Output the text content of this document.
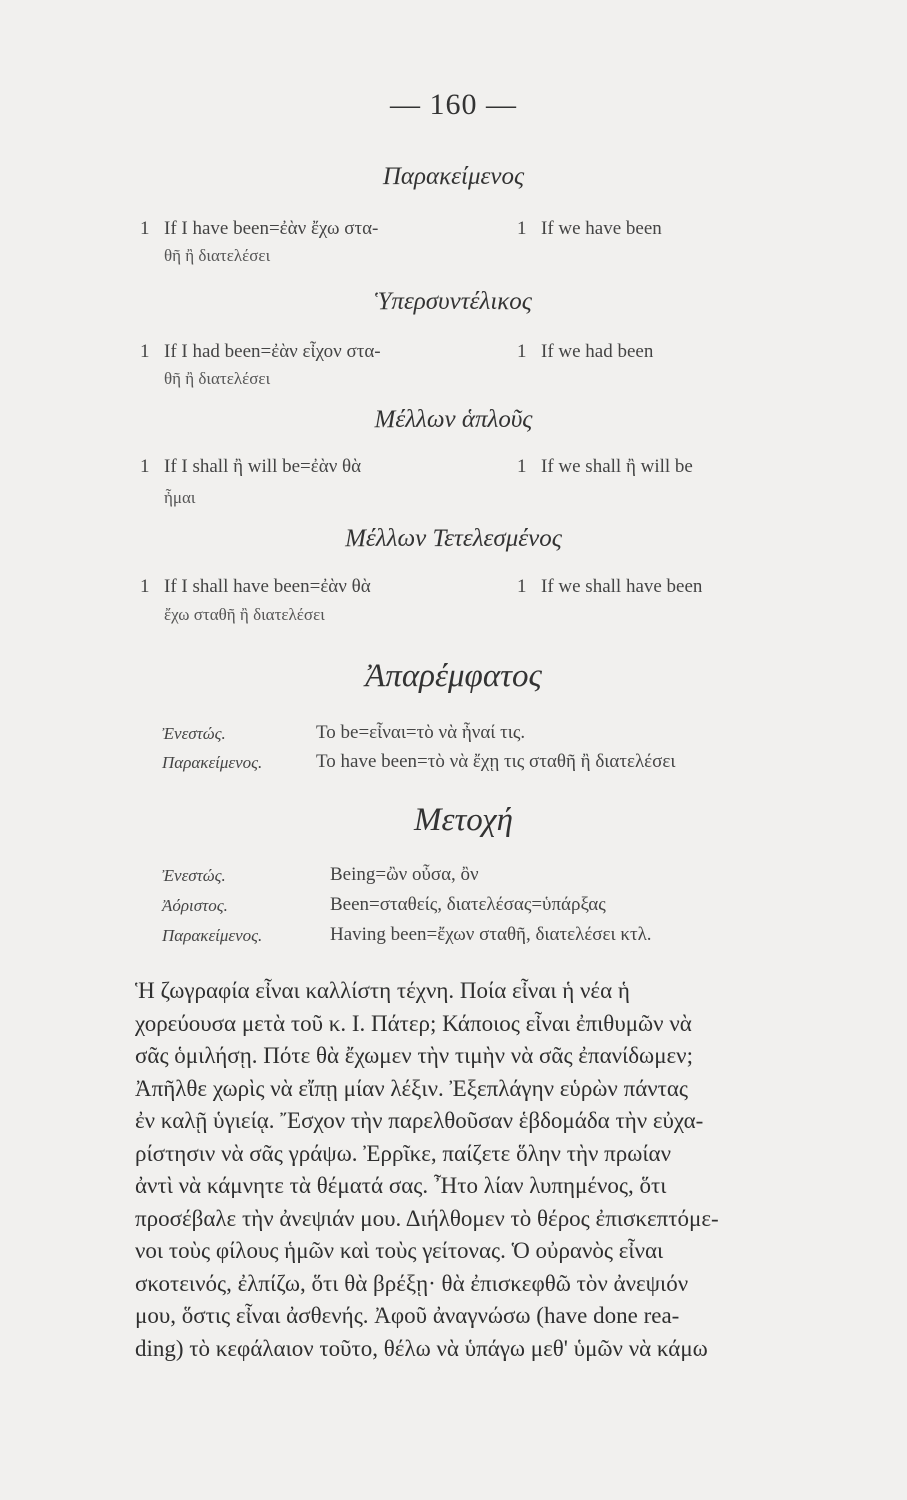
— 160 —
Παρακείμενος
1 If I have been=ἐὰν ἔχω στα-
θῆ ἢ διατελέσει
1 If we have been
Ὑπερσυντέλικος
1 If I had been=ἐὰν εἶχον στα-
θῆ ἢ διατελέσει
1 If we had been
Μέλλων ἁπλοῦς
1 If I shall ἢ will be=ἐὰν θὰ
ἦμαι
1 If we shall ἢ will be
Μέλλων Τετελεσμένος
1 If I shall have been=ἐὰν θὰ
ἔχω σταθῆ ἢ διατελέσει
1 If we shall have been
Ἀπαρέμφατος
Ἐνεστώς.	To be=εἶναι=τὸ νὰ ἦναί τις.
Παρακείμενος.	To have been=τὸ νὰ ἔχῃ τις σταθῆ ἢ διατελέσει
Μετοχή
Ἐνεστώς.	Being=ὢν οὖσα, ὂν
Ἀόριστος.	Been=σταθείς, διατελέσας=ὑπάρξας
Παρακείμενος.	Having been=ἔχων σταθῆ, διατελέσει κτλ.
Ἡ ζωγραφία εἶναι καλλίστη τέχνη. Ποία εἶναι ἡ νέα ἡ
χορεύουσα μετὰ τοῦ κ. Ι. Πάτερ; Κάποιος εἶναι ἐπιθυμῶν νὰ
σᾶς ὁμιλήσῃ. Πότε θὰ ἔχωμεν τὴν τιμὴν νὰ σᾶς ἐπανίδωμεν;
Ἀπῆλθε χωρὶς νὰ εἴπῃ μίαν λέξιν. Ἐξεπλάγην εὑρὼν πάντας
ἐν καλῇ ὑγιείᾳ. Ἔσχον τὴν παρελθοῦσαν ἑβδομάδα τὴν εὐχα-
ρίστησιν νὰ σᾶς γράψω. Ἐρρῖκε, παίζετε ὅλην τὴν πρωίαν
ἀντὶ νὰ κάμνητε τὰ θέματά σας. Ἦτο λίαν λυπημένος, ὅτι
προσέβαλε τὴν ἀνεψιάν μου. Διήλθομεν τὸ θέρος ἐπισκεπτόμε-
νοι τοὺς φίλους ἡμῶν καὶ τοὺς γείτονας. Ὁ οὐρανὸς εἶναι
σκοτεινός, ἐλπίζω, ὅτι θὰ βρέξῃ· θὰ ἐπισκεφθῶ τὸν ἀνεψιόν
μου, ὅστις εἶναι ἀσθενής. Ἀφοῦ ἀναγνώσω (have done rea-
ding) τὸ κεφάλαιον τοῦτο, θέλω νὰ ὑπάγω μεθ' ὑμῶν νὰ κάμω
